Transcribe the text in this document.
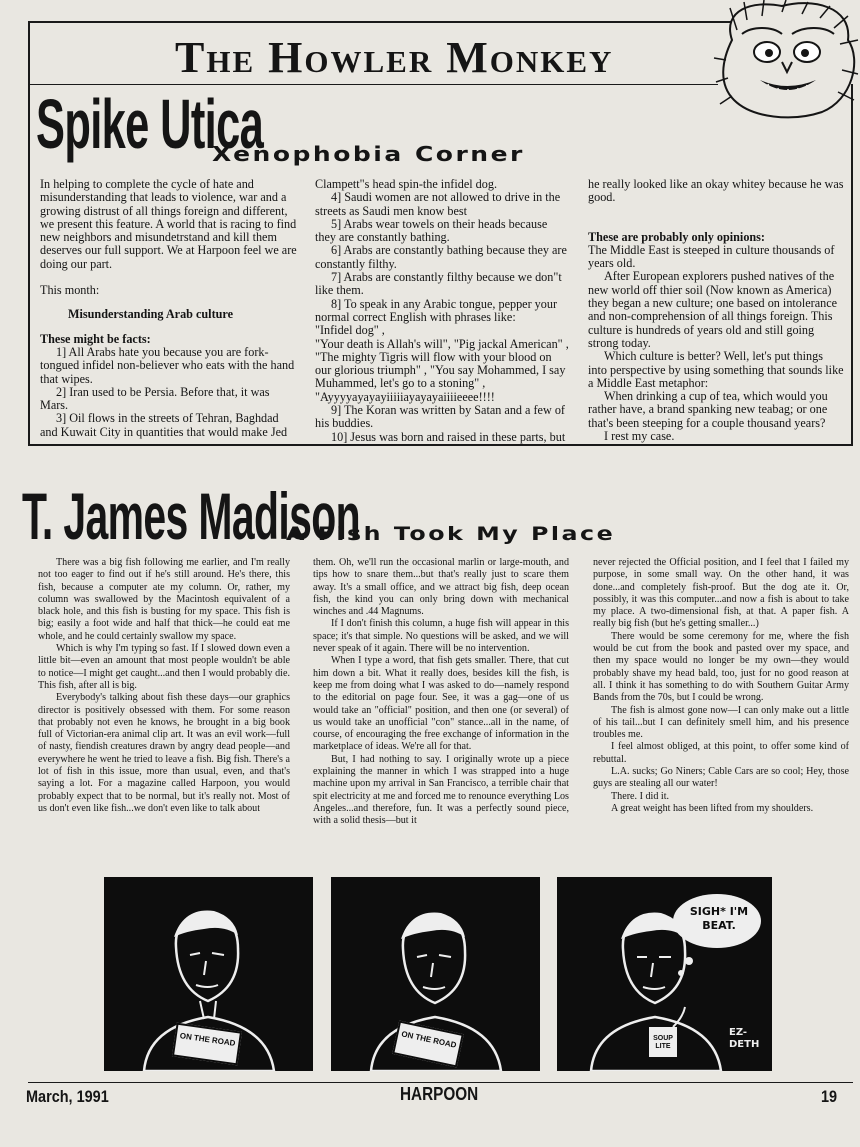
The Howler Monkey
Spike Utica
Xenophobia Corner

In helping to complete the cycle of hate and misunderstanding that leads to violence, war and a growing distrust of all things foreign and different, we present this feature. A world that is racing to find new neighbors and misundetrstand and kill them deserves our full support. We at Harpoon feel we are doing our part.

This month:

Misunderstanding Arab culture

These might be facts:

1] All Arabs hate you because you are fork-tongued infidel non-believer who eats with the hand that wipes.

2] Iran used to be Persia. Before that, it was Mars.

3] Oil flows in the streets of Tehran, Baghdad and Kuwait City in quantities that would make Jed

Clampett"s head spin-the infidel dog.

4] Saudi women are not allowed to drive in the streets as Saudi men know best

5] Arabs wear towels on their heads because they are constantly bathing.

6] Arabs are constantly bathing because they are constantly filthy.

7] Arabs are constantly filthy because we don"t like them.

8] To speak in any Arabic tongue, pepper your normal correct English with phrases like:

"Infidel dog" ,

"Your death is Allah's will", "Pig jackal American" , "The mighty Tigris will flow with your blood on our glorious triumph" , "You say Mohammed, I say Muhammed, let's go to a stoning" , "Ayyyyayayayiiiiiayayayaiiiieeee!!!!

9] The Koran was written by Satan and a few of his buddies.

10] Jesus was born and raised in these parts, but

he really looked like an okay whitey because he was good.

These are probably only opinions:

The Middle East is steeped in culture thousands of years old.

After European explorers pushed natives of the new world off thier soil (Now known as America) they began a new culture; one based on intolerance and non-comprehension of all things foreign. This culture is hundreds of years old and still going strong today.

Which culture is better? Well, let's put things into perspective by using something that sounds like a Middle East metaphor:

When drinking a cup of tea, which would you rather have, a brand spanking new teabag; or one that's been steeping for a couple thousand years?

I rest my case.

T. James Madison
A Fish Took My Place

There was a big fish following me earlier, and I'm really not too eager to find out if he's still around. He's there, this fish, because a computer ate my column. Or, rather, my column was swallowed by the Macintosh equivalent of a black hole, and this fish is busting for my space. This fish is big; easily a foot wide and half that thick—he could eat me whole, and he could certainly swallow my space.

Which is why I'm typing so fast. If I slowed down even a little bit—even an amount that most people wouldn't be able to notice—I might get caught...and then I would probably die. This fish, after all is big.

Everybody's talking about fish these days—our graphics director is positively obsessed with them. For some reason that probably not even he knows, he brought in a big book full of Victorian-era animal clip art. It was an evil work—full of nasty, fiendish creatures drawn by angry dead people—and everywhere he went he tried to leave a fish. Big fish. There's a lot of fish in this issue, more than usual, even, and that's saying a lot. For a magazine called Harpoon, you would probably expect that to be normal, but it's really not. Most of us don't even like fish...we don't even like to talk about

them. Oh, we'll run the occasional marlin or large-mouth, and tips how to snare them...but that's really just to scare them away. It's a small office, and we attract big fish, deep ocean fish, the kind you can only bring down with mechanical winches and .44 Magnums.

If I don't finish this column, a huge fish will appear in this space; it's that simple. No questions will be asked, and we will never speak of it again. There will be no intervention.

When I type a word, that fish gets smaller. There, that cut him down a bit. What it really does, besides kill the fish, is keep me from doing what I was asked to do—namely respond to the editorial on page four. See, it was a gag—one of us would take an "official" position, and then one (or several) of us would take an unofficial "con" stance...all in the name, of course, of encouraging the free exchange of information in the marketplace of ideas. We're all for that.

But, I had nothing to say. I originally wrote up a piece explaining the manner in which I was strapped into a huge machine upon my arrival in San Francisco, a terrible chair that spit electricity at me and forced me to renounce everything Los Angeles...and therefore, fun. It was a perfectly sound piece, with a solid thesis—but it

never rejected the Official position, and I feel that I failed my purpose, in some small way. On the other hand, it was done...and completely fish-proof. But the dog ate it. Or, possibly, it was this computer...and now a fish is about to take my place. A two-dimensional fish, at that. A paper fish. A really big fish (but he's getting smaller...)

There would be some ceremony for me, where the fish would be cut from the book and pasted over my space, and then my space would no longer be my own—they would probably shave my head bald, too, just for no good reason at all. I think it has something to do with Southern Guitar Army Bands from the 70s, but I could be wrong.

The fish is almost gone now—I can only make out a little of his tail...but I can definitely smell him, and his presence troubles me.

I feel almost obliged, at this point, to offer some kind of rebuttal.

L.A. sucks; Go Niners; Cable Cars are so cool; Hey, those guys are stealing all our water!

There. I did it.

A great weight has been lifted from my shoulders.

ON THE ROAD	ON THE ROAD
SIGH* I'M BEAT.
SOUP LITE
EZ-DETH
March, 1991	HARPOON	19
